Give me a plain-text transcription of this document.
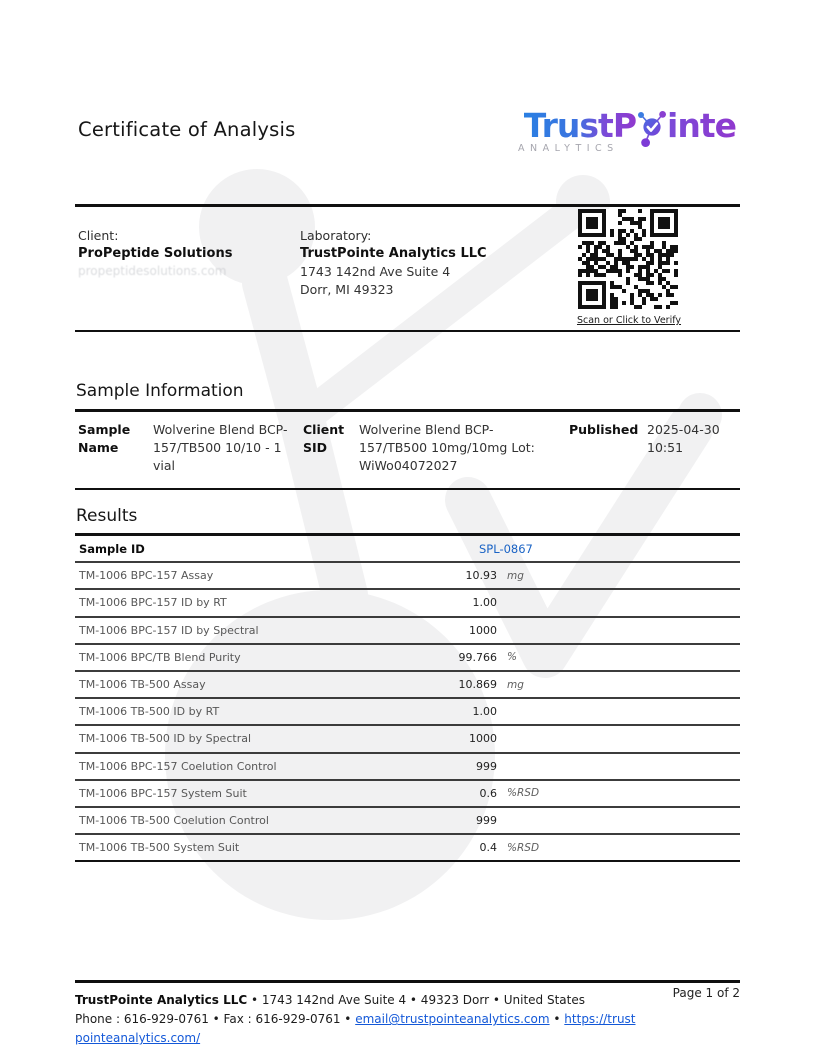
Certificate of Analysis	TrustP inte
ANALYTICS
Client:
ProPeptide Solutions
propeptidesolutions.com
Laboratory:
TrustPointe Analytics LLC
1743 142nd Ave Suite 4
Dorr, MI 49323
Scan or Click to Verify
Sample Information
Sample Name
Wolverine Blend BCP-157/TB500 10/10 - 1 vial
Client SID
Wolverine Blend BCP-157/TB500 10mg/10mg Lot: WiWo04072027
Published 2025-04-30 10:51
Results
Sample ID	SPL-0867
TM-1006 BPC-157 Assay	10.93 mg
TM-1006 BPC-157 ID by RT	1.00
TM-1006 BPC-157 ID by Spectral	1000
TM-1006 BPC/TB Blend Purity	99.766 %
TM-1006 TB-500 Assay	10.869 mg
TM-1006 TB-500 ID by RT	1.00
TM-1006 TB-500 ID by Spectral	1000
TM-1006 BPC-157 Coelution Control	999
TM-1006 BPC-157 System Suit	0.6 %RSD
TM-1006 TB-500 Coelution Control	999
TM-1006 TB-500 System Suit	0.4 %RSD
TrustPointe Analytics LLC • 1743 142nd Ave Suite 4 • 49323 Dorr • United States
Phone : 616-929-0761 • Fax : 616-929-0761 • email@trustpointeanalytics.com • https://trustpointeanalytics.com/
Page 1 of 2
